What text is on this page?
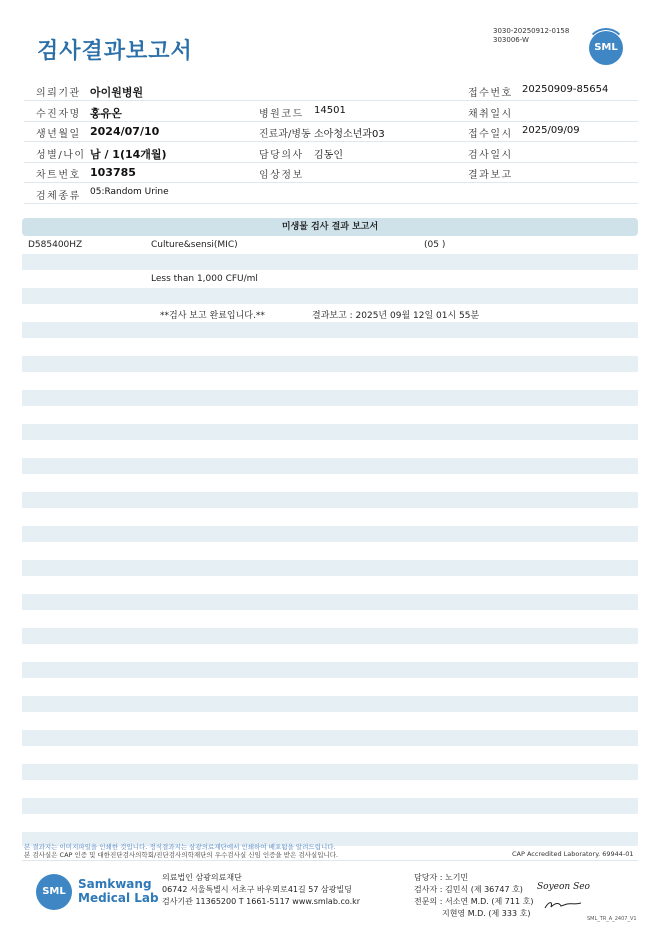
검사결과보고서
3030-20250912-0158
303006-W
SML
의뢰기관 아이원병원	접수번호 20250909-85654
수진자명 홍유온	병원코드 14501	채취일시
생년월일 2024/07/10	진료과/병동 소아청소년과03	접수일시 2025/09/09
성별/나이 남 / 1(14개월)	담당의사 김동인	검사일시
차트번호 103785	임상정보	결과보고
검체종류 05:Random Urine
미생물 검사 결과 보고서
D585400HZ	Culture&sensi(MIC)	(05 )
Less than 1,000 CFU/ml
**검사 보고 완료입니다.**	결과보고 : 2025년 09월 12일 01시 55분
본 결과지는 이미지파일을 인쇄한 것입니다. 정식결과지는 삼광의료재단에서 인쇄하여 배포됨을 알려드립니다.
본 검사실은 CAP 인증 및 대한진단검사의학회/진단검사의학재단의 우수검사실 신임 인증을 받은 검사실입니다.	CAP Accredited Laboratory. 69944-01
SML
Samkwang
Medical Lab
의료법인 삼광의료재단
06742 서울특별시 서초구 바우뫼로41길 57 삼광빌딩
검사기관 11365200 T 1661-5117 www.smlab.co.kr
담당자 : 노기민
검사자 : 김민식 (제 36747 호)
전문의 : 서소연 M.D. (제 711 호)
지현영 M.D. (제 333 호)
Soyeon Seo
SML_TR_A_2407_V1
